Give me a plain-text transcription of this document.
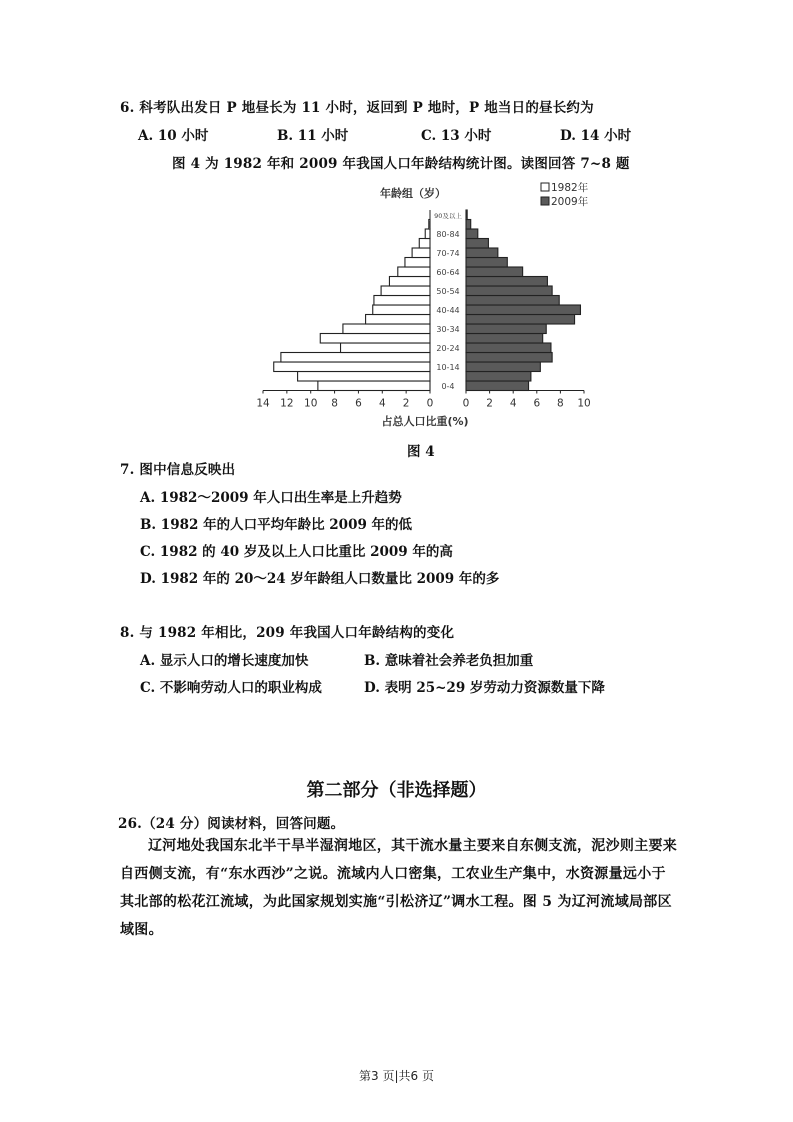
6. 科考队出发日 P 地昼长为 11 小时，返回到 P 地时，P 地当日的昼长约为
A. 10 小时	B. 11 小时	C. 13 小时	D. 14 小时
图 4 为 1982 年和 2009 年我国人口年龄结构统计图。读图回答 7~8 题
0-4
10-14
20-24
30-34
40-44
50-54
60-64
70-74
80-84
90及以上
14 12 10 8 6 4 2 0	0 2 4 6 8 10
年龄组（岁）
占总人口比重(%)
1982年
2009年
图 4
7. 图中信息反映出
A. 1982～2009 年人口出生率是上升趋势
B. 1982 年的人口平均年龄比 2009 年的低
C. 1982 的 40 岁及以上人口比重比 2009 年的高
D. 1982 年的 20～24 岁年龄组人口数量比 2009 年的多
8. 与 1982 年相比，209 年我国人口年龄结构的变化
A. 显示人口的增长速度加快	B. 意味着社会养老负担加重
C. 不影响劳动人口的职业构成	D. 表明 25~29 岁劳动力资源数量下降
第二部分（非选择题）
26.（24 分）阅读材料，回答问题。
辽河地处我国东北半干旱半湿润地区，其干流水量主要来自东侧支流，泥沙则主要来自西侧支流，有“东水西沙”之说。流域内人口密集，工农业生产集中，水资源量远小于其北部的松花江流域，为此国家规划实施“引松济辽”调水工程。图 5 为辽河流域局部区域图。
第3 页|共6 页
